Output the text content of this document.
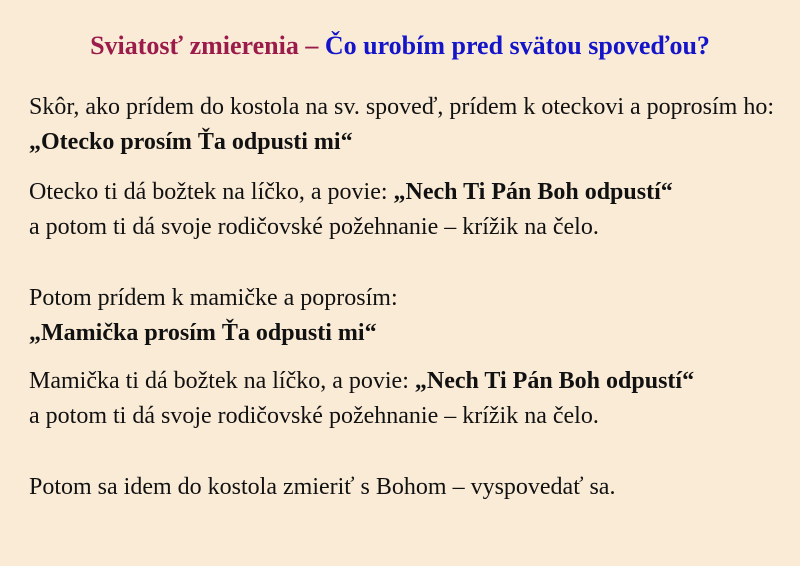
Sviatosť zmierenia – Čo urobím pred svätou spoveďou?

Skôr, ako prídem do kostola na sv. spoveď, prídem k oteckovi a poprosím ho: „Otecko prosím Ťa odpusti mi“

Otecko ti dá božtek na líčko, a povie: „Nech Ti Pán Boh odpustí“
a potom ti dá svoje rodičovské požehnanie – krížik na čelo.
Potom prídem k mamičke a poprosím:
„Mamička prosím Ťa odpusti mi“
Mamička ti dá božtek na líčko, a povie: „Nech Ti Pán Boh odpustí“
a potom ti dá svoje rodičovské požehnanie – krížik na čelo.
Potom sa idem do kostola zmieriť s Bohom – vyspovedať sa.
